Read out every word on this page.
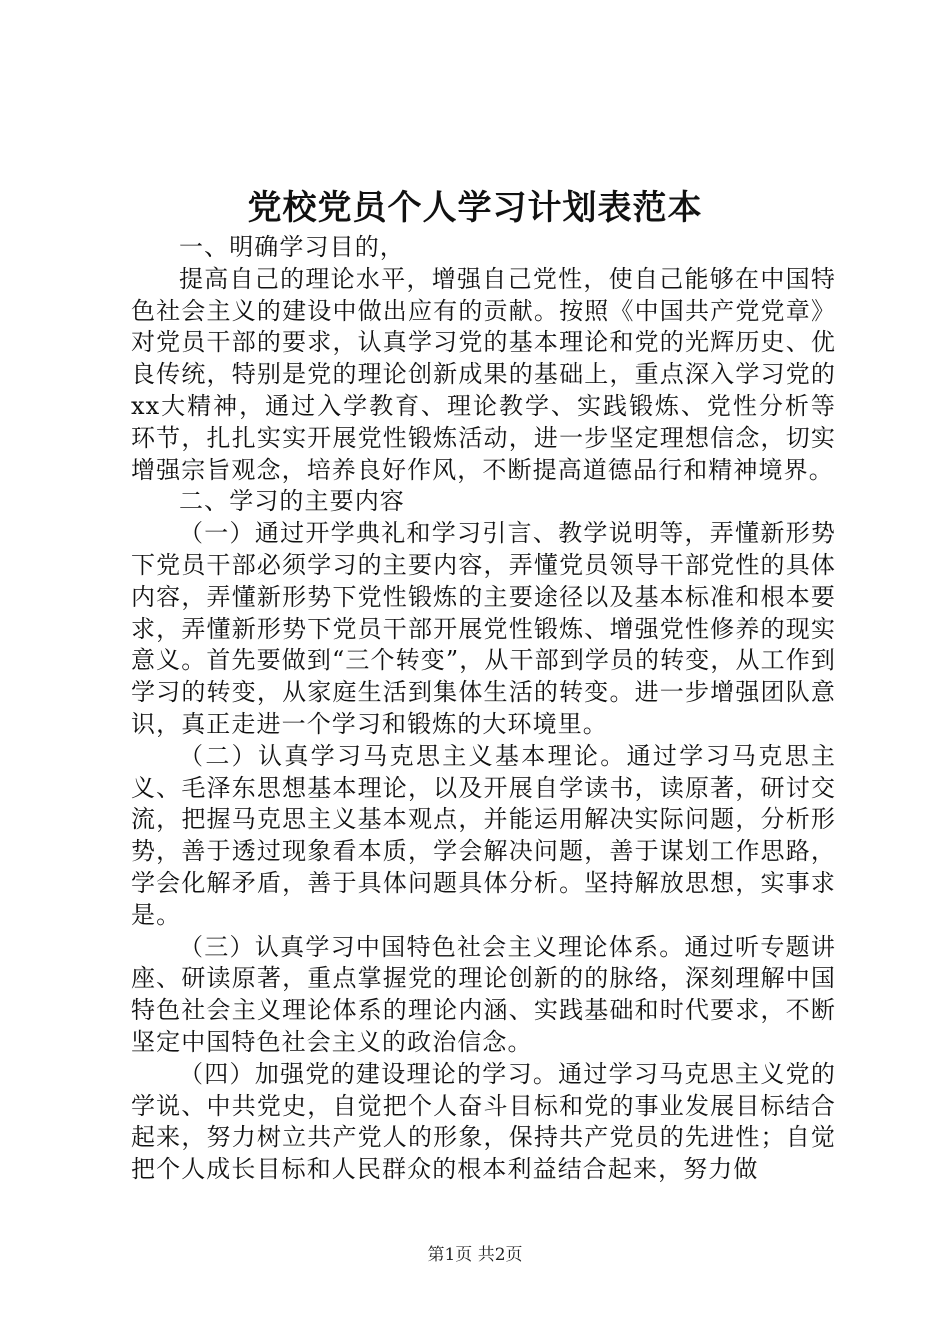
党校党员个人学习计划表范本

一、明确学习目的，

提高自己的理论水平，增强自己党性，使自己能够在中国特色社会主义的建设中做出应有的贡献。按照《中国共产党党章》对党员干部的要求，认真学习党的基本理论和党的光辉历史、优良传统，特别是党的理论创新成果的基础上，重点深入学习党的xx大精神，通过入学教育、理论教学、实践锻炼、党性分析等环节，扎扎实实开展党性锻炼活动，进一步坚定理想信念，切实增强宗旨观念，培养良好作风，不断提高道德品行和精神境界。

二、学习的主要内容

（一）通过开学典礼和学习引言、教学说明等，弄懂新形势下党员干部必须学习的主要内容，弄懂党员领导干部党性的具体内容，弄懂新形势下党性锻炼的主要途径以及基本标准和根本要求，弄懂新形势下党员干部开展党性锻炼、增强党性修养的现实意义。首先要做到“三个转变”，从干部到学员的转变，从工作到学习的转变，从家庭生活到集体生活的转变。进一步增强团队意识，真正走进一个学习和锻炼的大环境里。

（二）认真学习马克思主义基本理论。通过学习马克思主义、毛泽东思想基本理论，以及开展自学读书，读原著，研讨交流，把握马克思主义基本观点，并能运用解决实际问题，分析形势，善于透过现象看本质，学会解决问题，善于谋划工作思路，学会化解矛盾，善于具体问题具体分析。坚持解放思想，实事求是。

（三）认真学习中国特色社会主义理论体系。通过听专题讲座、研读原著，重点掌握党的理论创新的的脉络，深刻理解中国特色社会主义理论体系的理论内涵、实践基础和时代要求，不断坚定中国特色社会主义的政治信念。

（四）加强党的建设理论的学习。通过学习马克思主义党的学说、中共党史，自觉把个人奋斗目标和党的事业发展目标结合起来，努力树立共产党人的形象，保持共产党员的先进性；自觉把个人成长目标和人民群众的根本利益结合起来，努力做

第1页 共2页
